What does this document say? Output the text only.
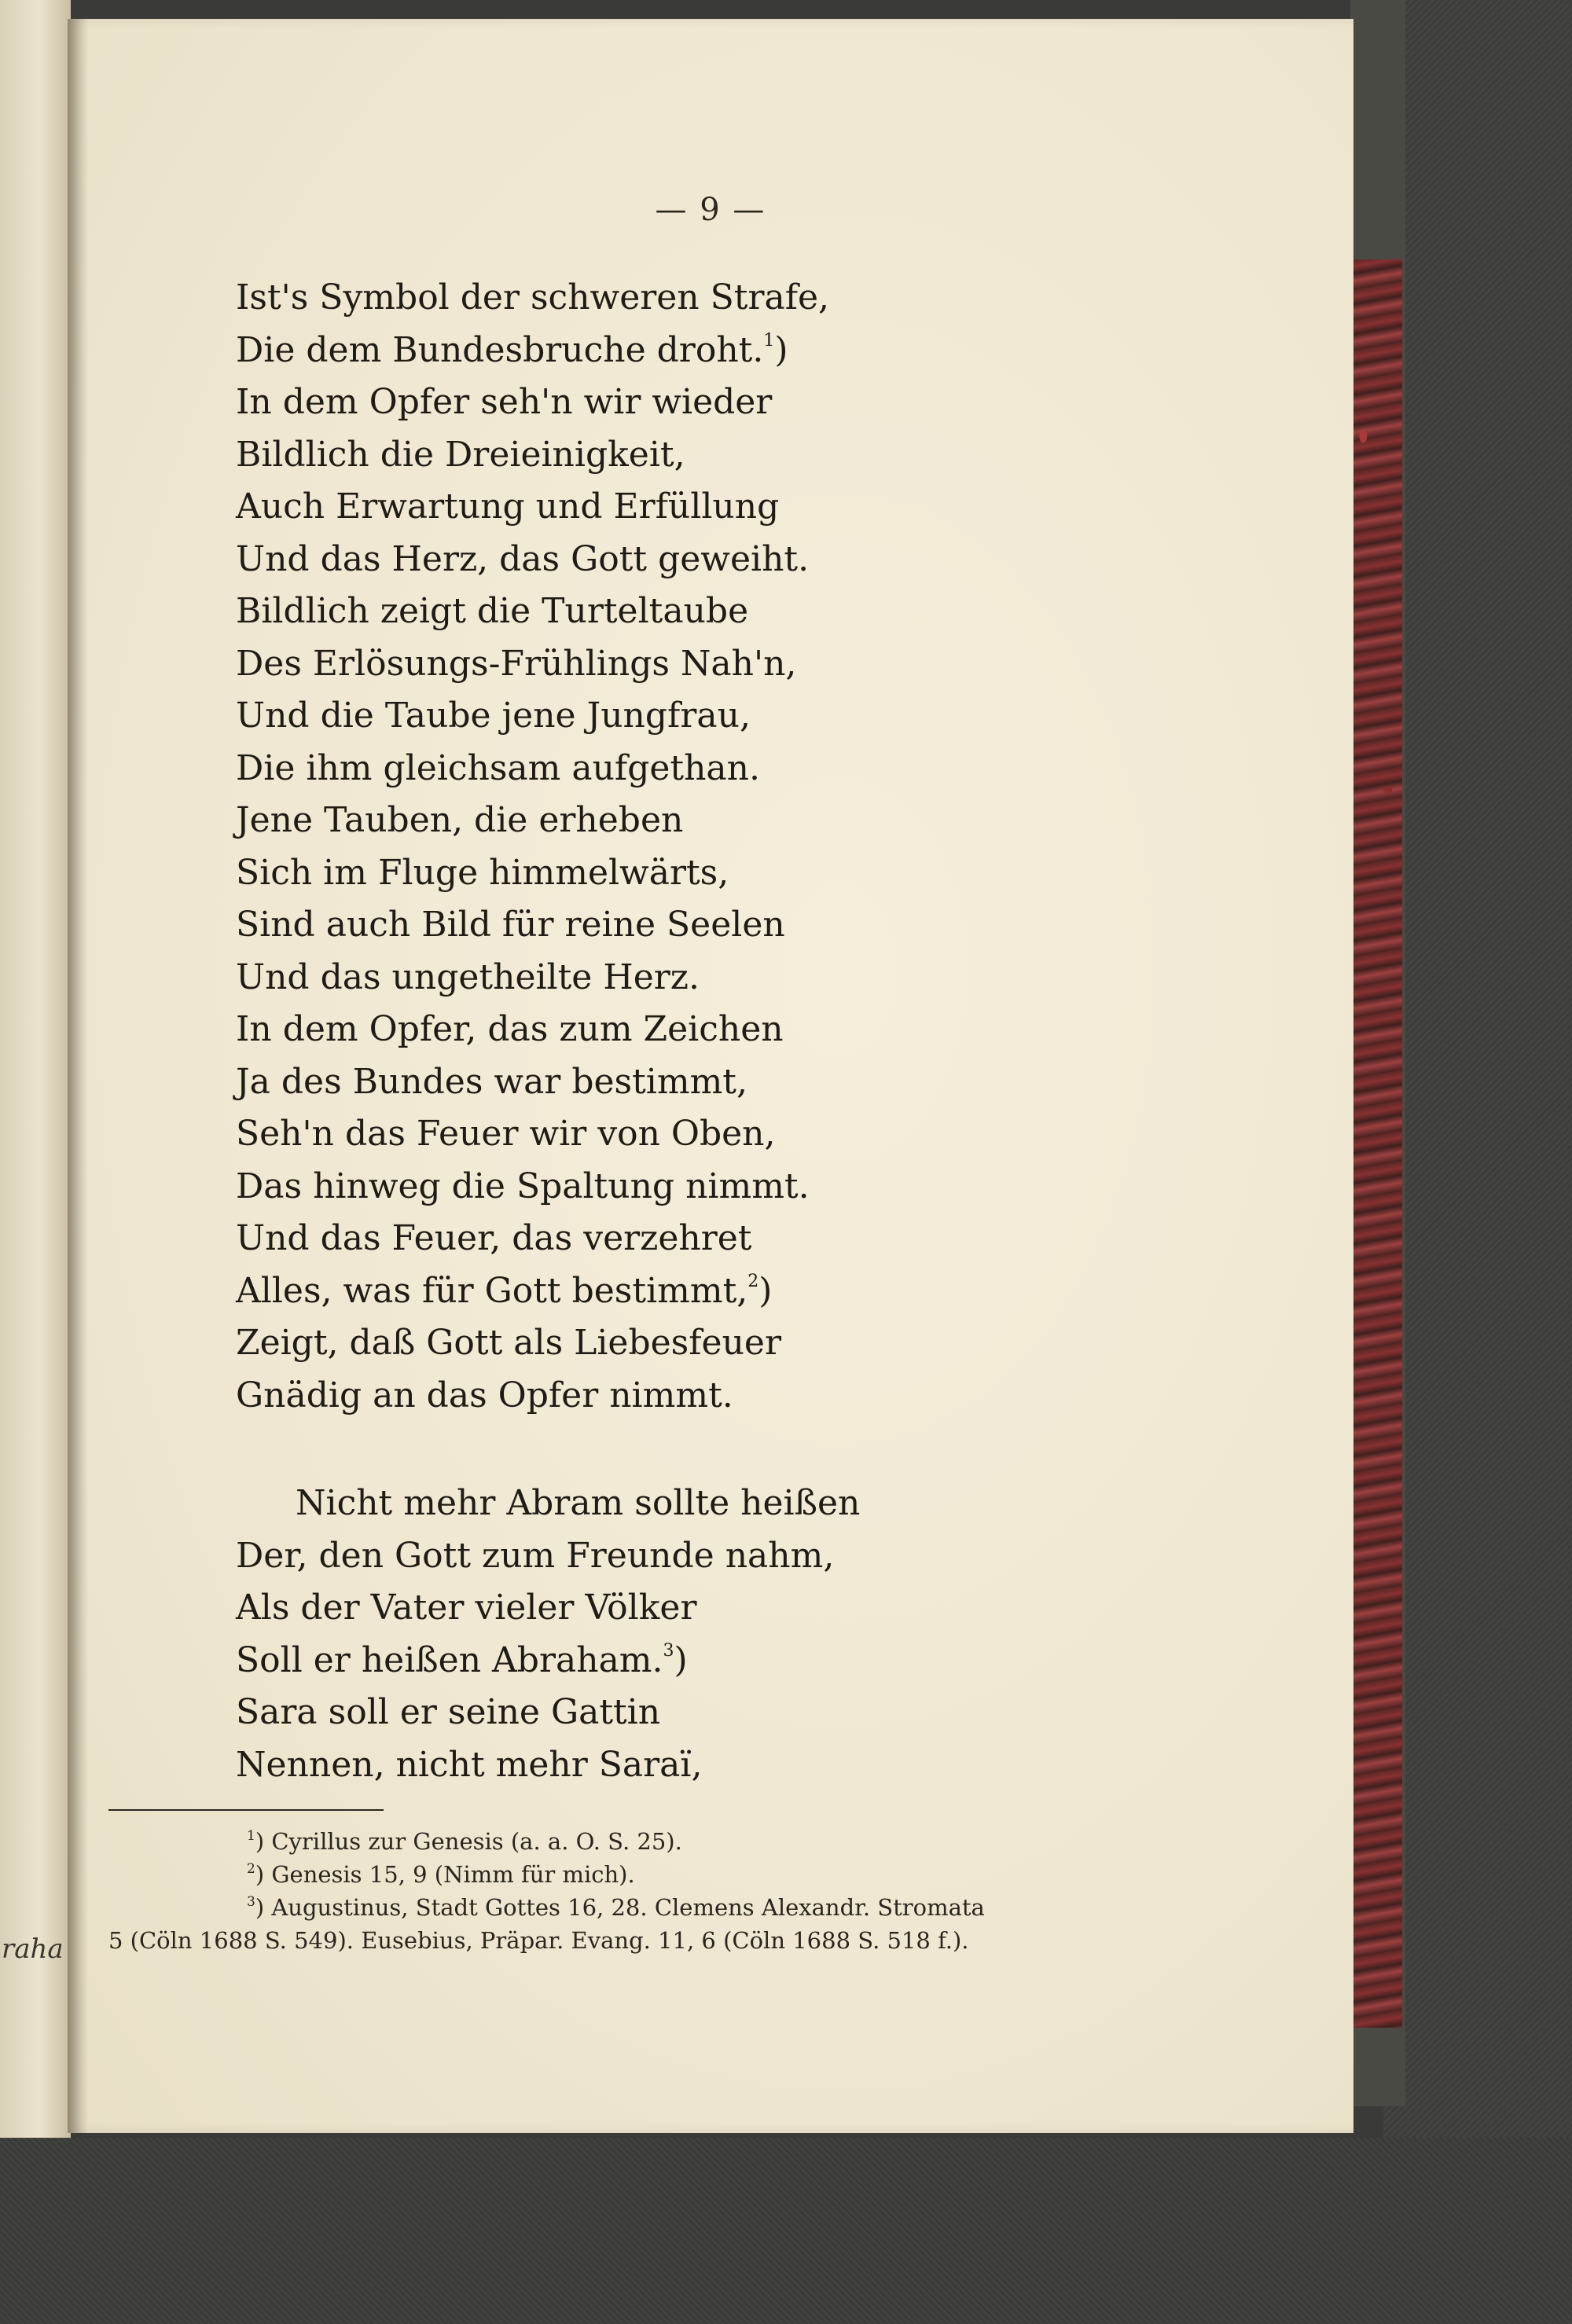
raha
— 9 —
Ist's Symbol der schweren Strafe,
Die dem Bundesbruche droht.$^1$)
In dem Opfer seh'n wir wieder
Bildlich die Dreieinigkeit,
Auch Erwartung und Erfüllung
Und das Herz, das Gott geweiht.
Bildlich zeigt die Turteltaube
Des Erlösungs-Frühlings Nah'n,
Und die Taube jene Jungfrau,
Die ihm gleichsam aufgethan.
Jene Tauben, die erheben
Sich im Fluge himmelwärts,
Sind auch Bild für reine Seelen
Und das ungetheilte Herz.
In dem Opfer, das zum Zeichen
Ja des Bundes war bestimmt,
Seh'n das Feuer wir von Oben,
Das hinweg die Spaltung nimmt.
Und das Feuer, das verzehret
Alles, was für Gott bestimmt,$^2$)
Zeigt, daß Gott als Liebesfeuer
Gnädig an das Opfer nimmt.
Nicht mehr Abram sollte heißen
Der, den Gott zum Freunde nahm,
Als der Vater vieler Völker
Soll er heißen Abraham.$^3$)
Sara soll er seine Gattin
Nennen, nicht mehr Saraï,
$^1$) Cyrillus zur Genesis (a. a. O. S. 25).
$^2$) Genesis 15, 9 (Nimm für mich).
$^3$) Augustinus, Stadt Gottes 16, 28. Clemens Alexandr. Stromata
5 (Cöln 1688 S. 549). Eusebius, Präpar. Evang. 11, 6 (Cöln 1688 S. 518 f.).
